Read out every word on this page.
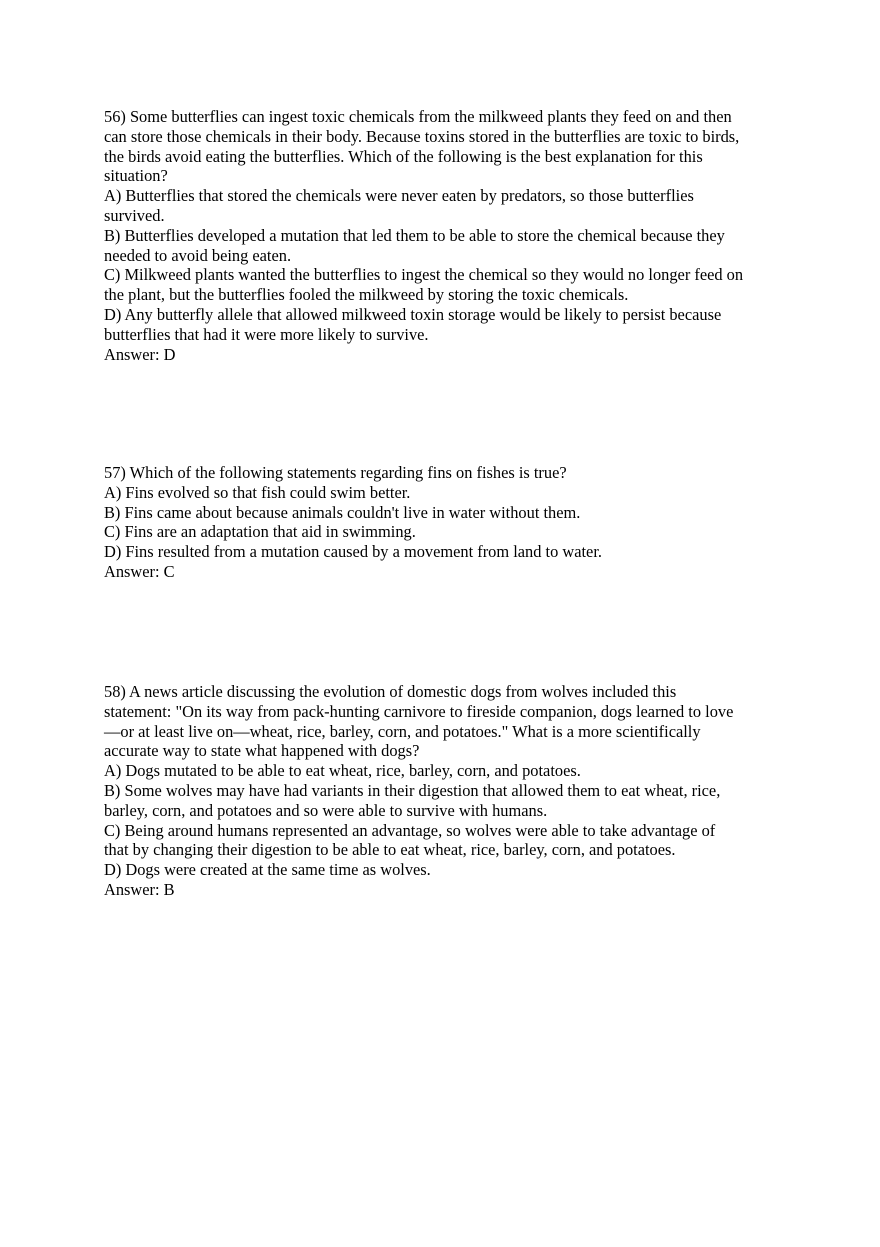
56) Some butterflies can ingest toxic chemicals from the milkweed plants they feed on and then
can store those chemicals in their body. Because toxins stored in the butterflies are toxic to birds,
the birds avoid eating the butterflies. Which of the following is the best explanation for this
situation?
A) Butterflies that stored the chemicals were never eaten by predators, so those butterflies
survived.
B) Butterflies developed a mutation that led them to be able to store the chemical because they
needed to avoid being eaten.
C) Milkweed plants wanted the butterflies to ingest the chemical so they would no longer feed on
the plant, but the butterflies fooled the milkweed by storing the toxic chemicals.
D) Any butterfly allele that allowed milkweed toxin storage would be likely to persist because
butterflies that had it were more likely to survive.
Answer: D
57) Which of the following statements regarding fins on fishes is true?
A) Fins evolved so that fish could swim better.
B) Fins came about because animals couldn't live in water without them.
C) Fins are an adaptation that aid in swimming.
D) Fins resulted from a mutation caused by a movement from land to water.
Answer: C
58) A news article discussing the evolution of domestic dogs from wolves included this
statement: "On its way from pack-hunting carnivore to fireside companion, dogs learned to love
—or at least live on—wheat, rice, barley, corn, and potatoes." What is a more scientifically
accurate way to state what happened with dogs?
A) Dogs mutated to be able to eat wheat, rice, barley, corn, and potatoes.
B) Some wolves may have had variants in their digestion that allowed them to eat wheat, rice,
barley, corn, and potatoes and so were able to survive with humans.
C) Being around humans represented an advantage, so wolves were able to take advantage of
that by changing their digestion to be able to eat wheat, rice, barley, corn, and potatoes.
D) Dogs were created at the same time as wolves.
Answer: B
